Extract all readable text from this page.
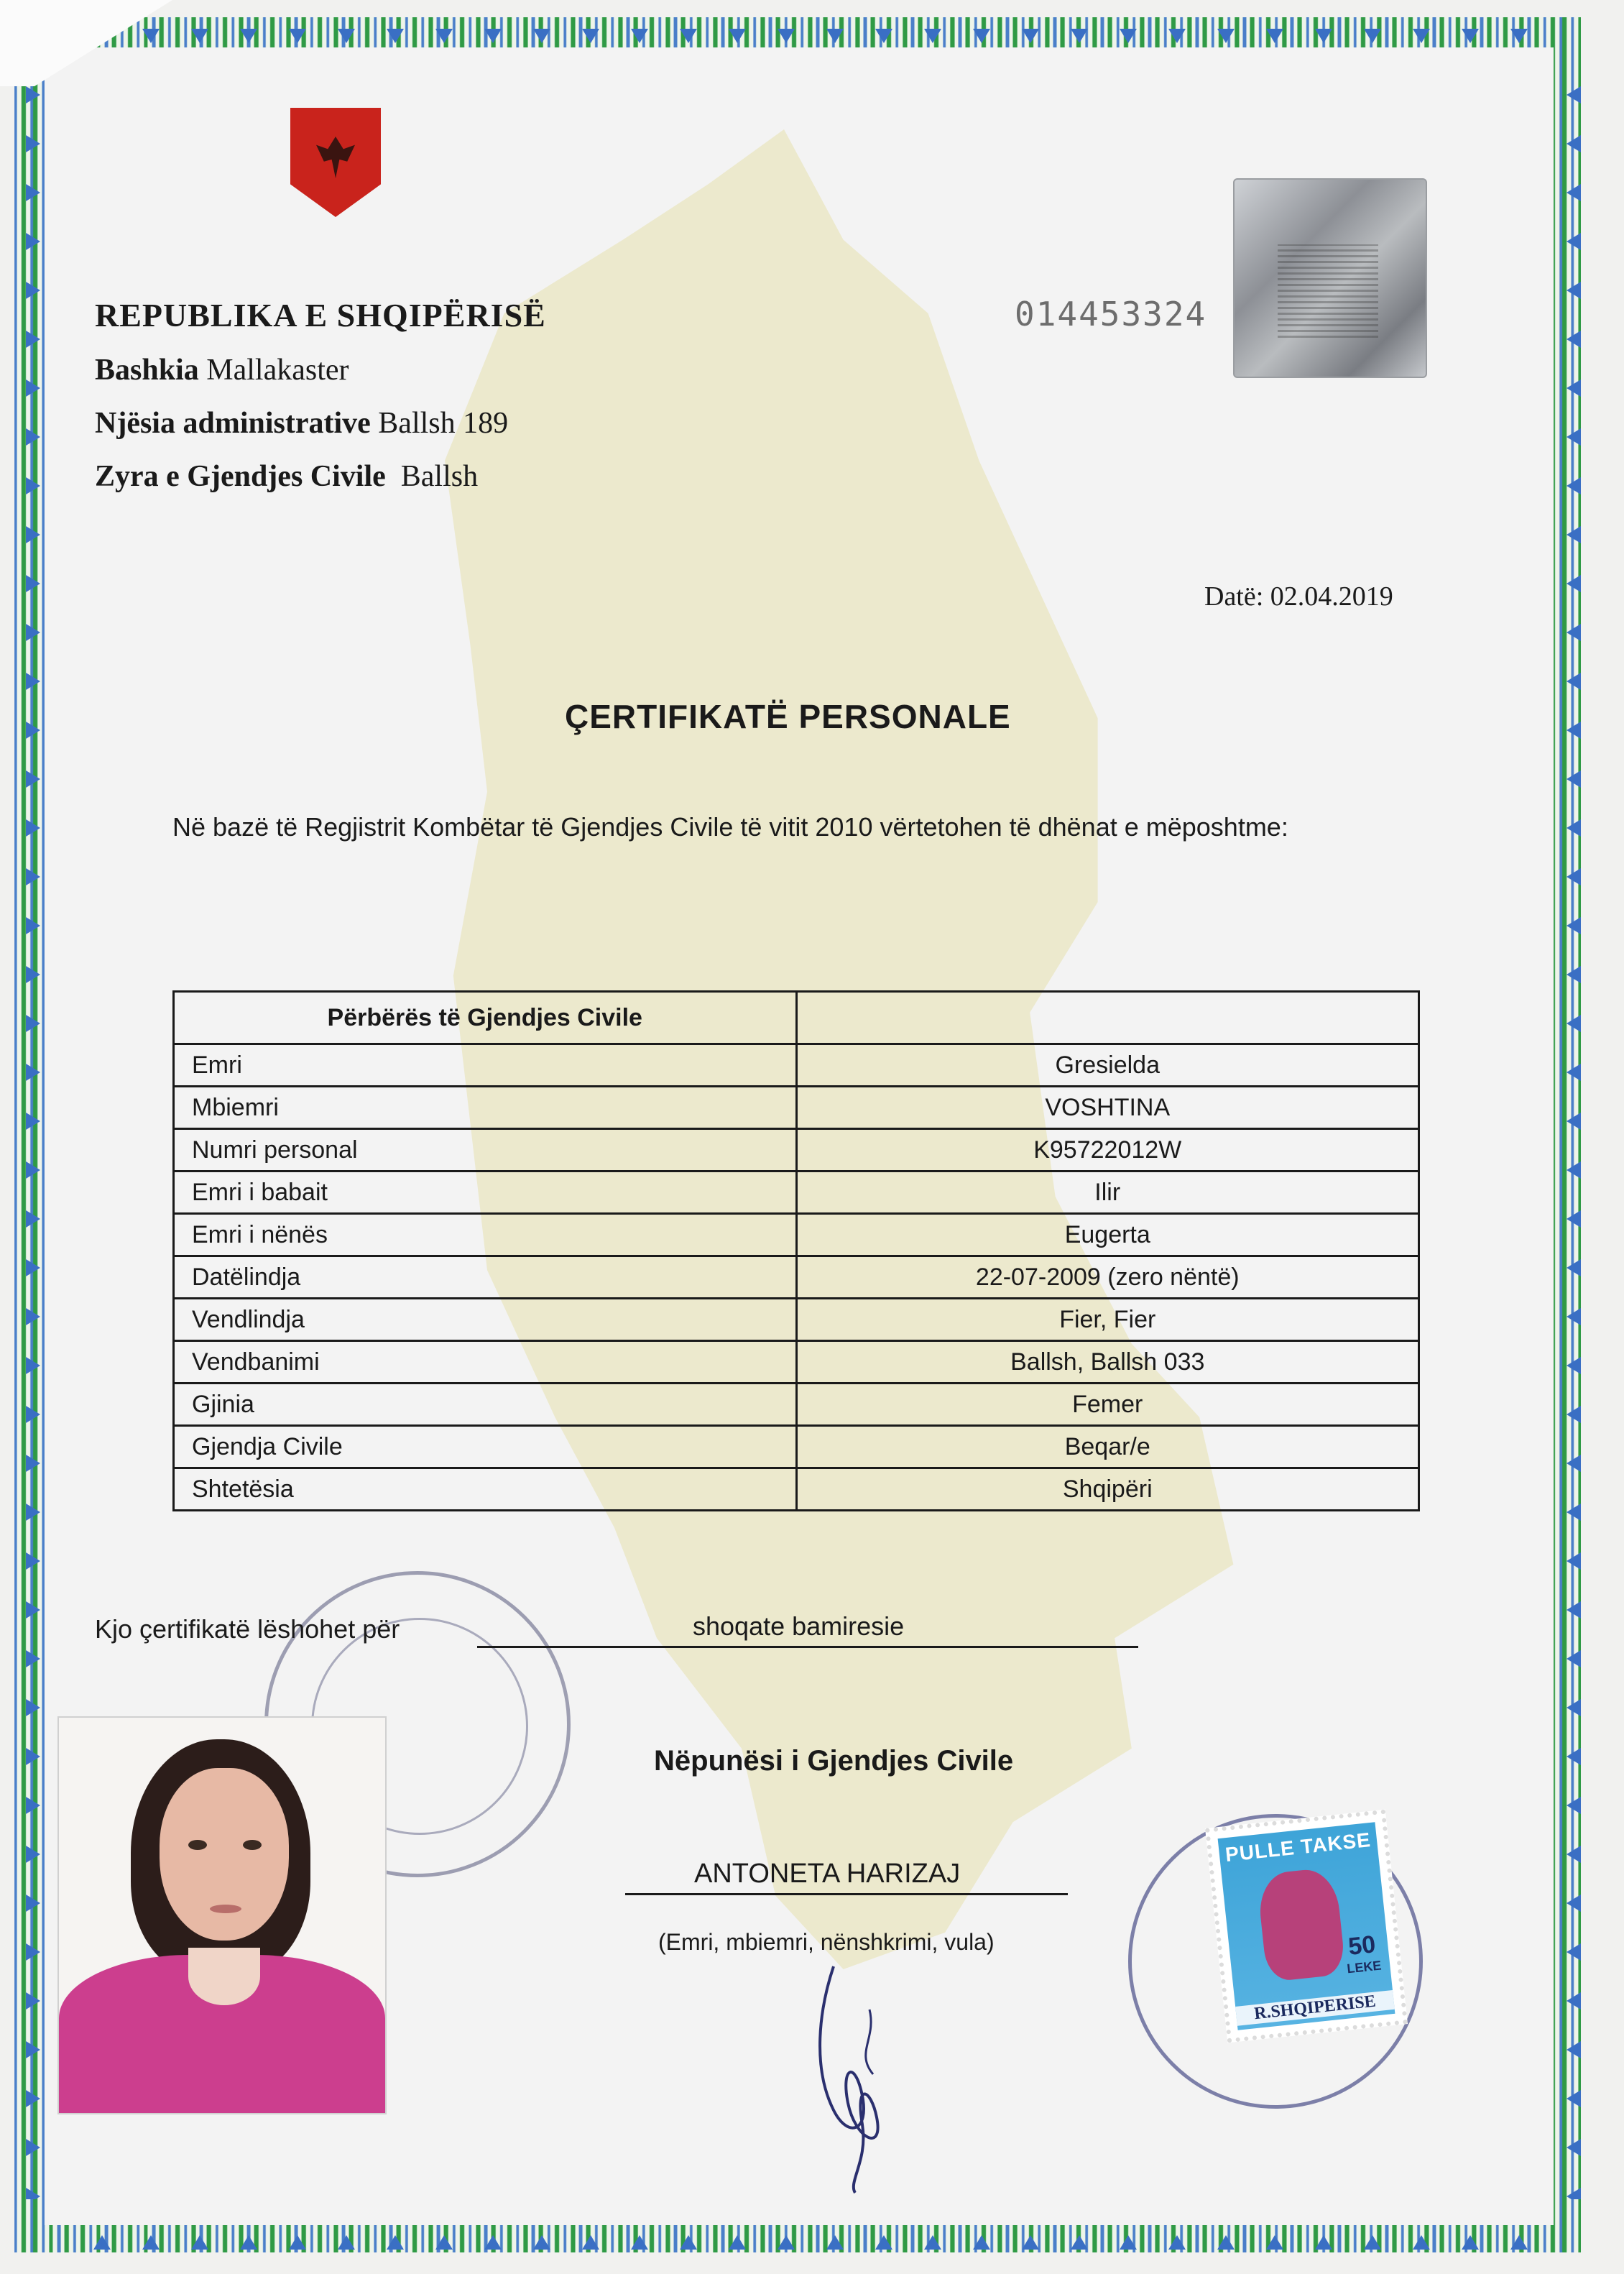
014453324
REPUBLIKA E SHQIPËRISË
Bashkia Mallakaster
Njësia administrative Ballsh 189
Zyra e Gjendjes Civile Ballsh
Datë: 02.04.2019
ÇERTIFIKATË PERSONALE
Në bazë të Regjistrit Kombëtar të Gjendjes Civile të vitit 2010 vërtetohen të dhënat e mëposhtme:
Përbërës të Gjendjes Civile	
Emri	Gresielda
Mbiemri	VOSHTINA
Numri personal	K95722012W
Emri i babait	Ilir
Emri i nënës	Eugerta
Datëlindja	22-07-2009 (zero nëntë)
Vendlindja	Fier, Fier
Vendbanimi	Ballsh, Ballsh 033
Gjinia	Femer
Gjendja Civile	Beqar/e
Shtetësia	Shqipëri
Kjo çertifikatë lëshohet për	shoqate bamiresie
Nëpunësi i Gjendjes Civile
ANTONETA HARIZAJ
(Emri, mbiemri, nënshkrimi, vula)
PULLE TAKSE
50
LEKE
R.SHQIPERISE
